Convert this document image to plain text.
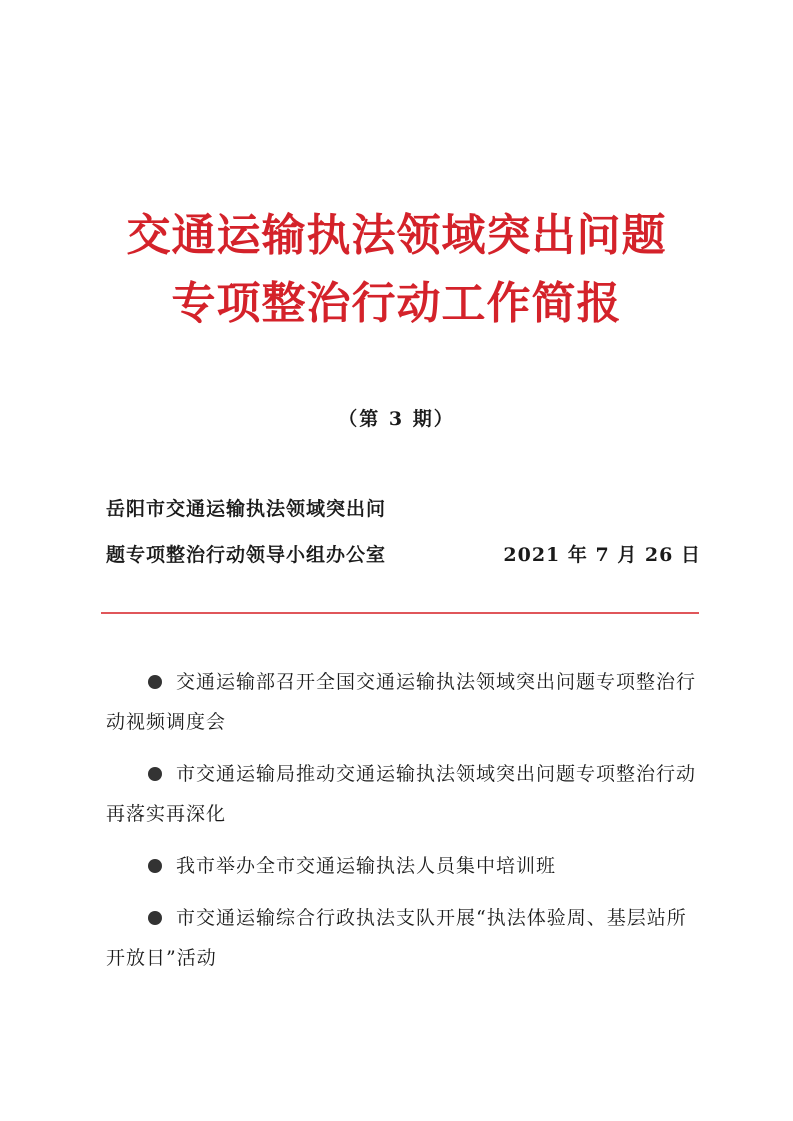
交通运输执法领域突出问题
专项整治行动工作简报
（第 3 期）
岳阳市交通运输执法领域突出问
题专项整治行动领导小组办公室	2021 年 7 月 26 日
交通运输部召开全国交通运输执法领域突出问题专项整治行动视频调度会
市交通运输局推动交通运输执法领域突出问题专项整治行动再落实再深化
我市举办全市交通运输执法人员集中培训班
市交通运输综合行政执法支队开展“执法体验周、基层站所开放日”活动
